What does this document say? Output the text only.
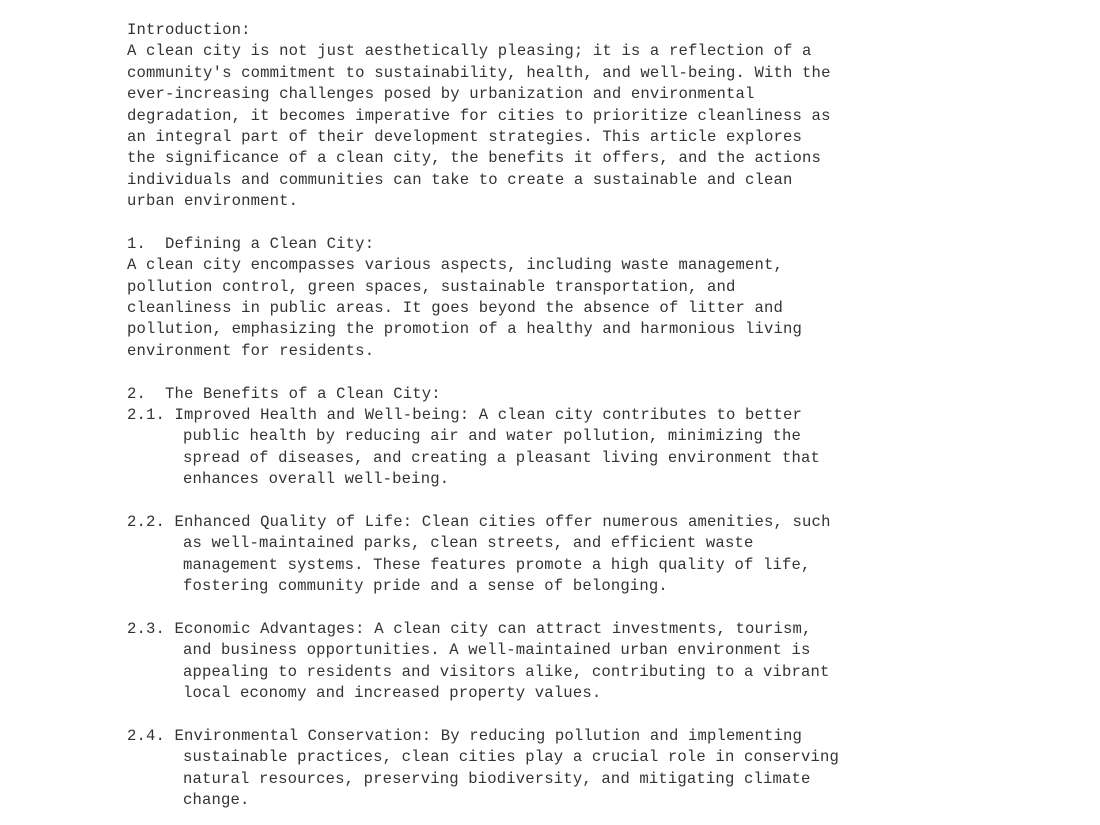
Introduction:
A clean city is not just aesthetically pleasing; it is a reflection of a
community's commitment to sustainability, health, and well-being. With the
ever-increasing challenges posed by urbanization and environmental
degradation, it becomes imperative for cities to prioritize cleanliness as
an integral part of their development strategies. This article explores
the significance of a clean city, the benefits it offers, and the actions
individuals and communities can take to create a sustainable and clean
urban environment.
1.  Defining a Clean City:
A clean city encompasses various aspects, including waste management,
pollution control, green spaces, sustainable transportation, and
cleanliness in public areas. It goes beyond the absence of litter and
pollution, emphasizing the promotion of a healthy and harmonious living
environment for residents.
2.  The Benefits of a Clean City:
2.1. Improved Health and Well-being: A clean city contributes to better
public health by reducing air and water pollution, minimizing the
spread of diseases, and creating a pleasant living environment that
enhances overall well-being.
2.2. Enhanced Quality of Life: Clean cities offer numerous amenities, such
as well-maintained parks, clean streets, and efficient waste
management systems. These features promote a high quality of life,
fostering community pride and a sense of belonging.
2.3. Economic Advantages: A clean city can attract investments, tourism,
and business opportunities. A well-maintained urban environment is
appealing to residents and visitors alike, contributing to a vibrant
local economy and increased property values.
2.4. Environmental Conservation: By reducing pollution and implementing
sustainable practices, clean cities play a crucial role in conserving
natural resources, preserving biodiversity, and mitigating climate
change.
